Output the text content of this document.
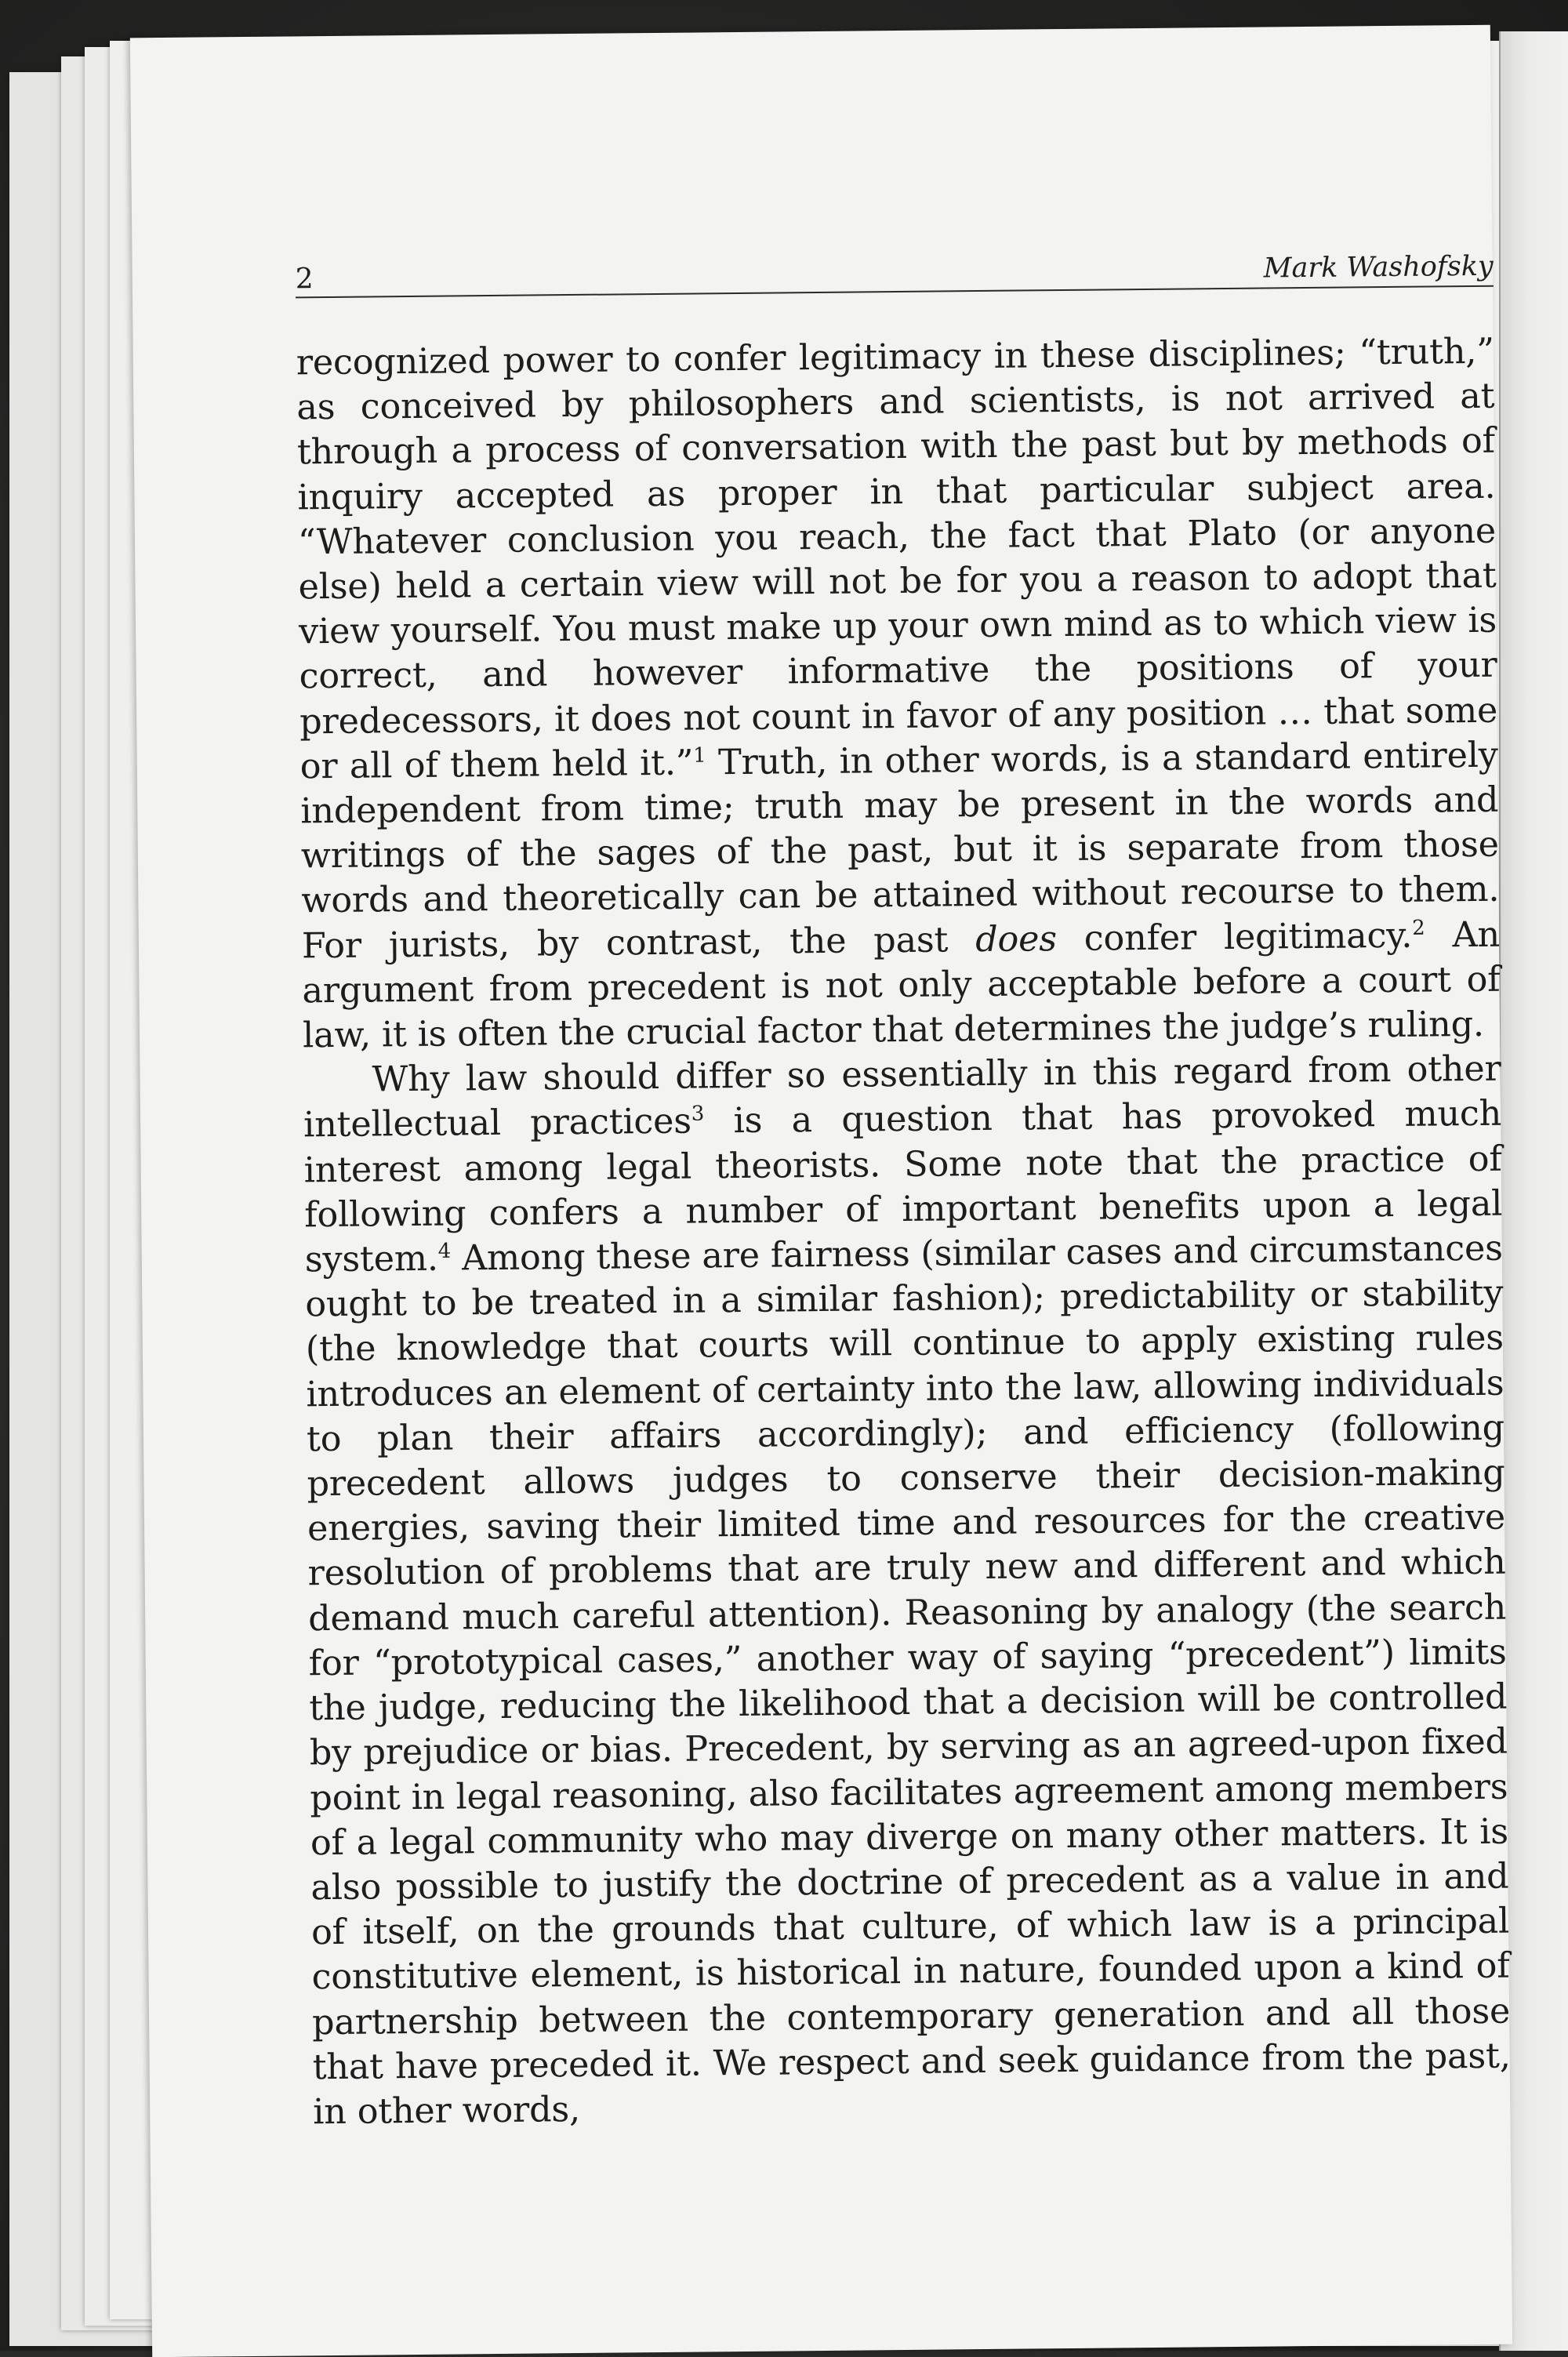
2	Mark Washofsky

recognized power to confer legitimacy in these disciplines; “truth,” as conceived by philosophers and scientists, is not arrived at through a process of conversation with the past but by methods of inquiry accepted as proper in that particular subject area. “Whatever conclusion you reach, the fact that Plato (or anyone else) held a certain view will not be for you a reason to adopt that view yourself. You must make up your own mind as to which view is correct, and however informative the positions of your predecessors, it does not count in favor of any position … that some or all of them held it.”$^1$ Truth, in other words, is a standard entirely independent from time; truth may be present in the words and writings of the sages of the past, but it is separate from those words and theoretically can be attained without recourse to them. For jurists, by contrast, the past does confer legitimacy.$^2$ An argument from precedent is not only acceptable before a court of law, it is often the crucial factor that determines the judge’s ruling.

Why law should differ so essentially in this regard from other intellectual practices$^3$ is a question that has provoked much interest among legal theorists. Some note that the practice of following confers a number of important benefits upon a legal system.$^4$ Among these are fairness (similar cases and circumstances ought to be treated in a similar fashion); predictability or stability (the knowledge that courts will continue to apply existing rules introduces an element of certainty into the law, allowing individuals to plan their affairs accordingly); and efficiency (following precedent allows judges to conserve their decision-making energies, saving their limited time and resources for the creative resolution of problems that are truly new and different and which demand much careful attention). Reasoning by analogy (the search for “prototypical cases,” another way of saying “precedent”) limits the judge, reducing the likelihood that a decision will be controlled by prejudice or bias. Precedent, by serving as an agreed-upon fixed point in legal reasoning, also facilitates agreement among members of a legal community who may diverge on many other matters. It is also possible to justify the doctrine of precedent as a value in and of itself, on the grounds that culture, of which law is a principal constitutive element, is historical in nature, founded upon a kind of partnership between the contemporary generation and all those that have preceded it. We respect and seek guidance from the past, in other words,
